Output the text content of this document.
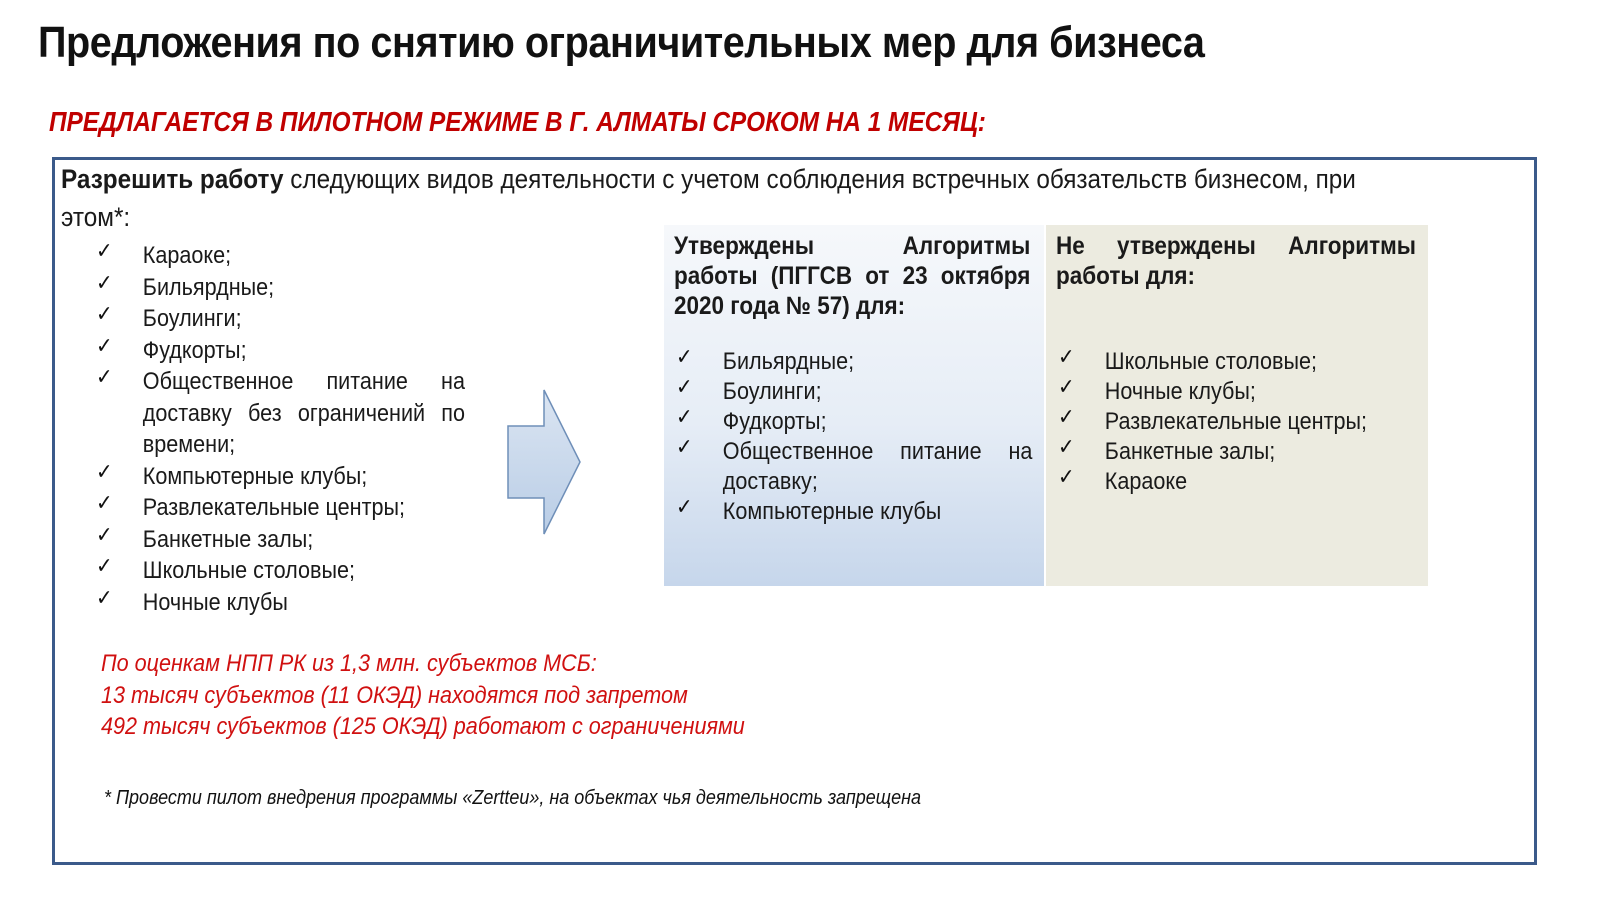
Предложения по снятию ограничительных мер для бизнеса
ПРЕДЛАГАЕТСЯ В ПИЛОТНОМ РЕЖИМЕ В Г. АЛМАТЫ СРОКОМ НА 1 МЕСЯЦ:
Разрешить работу следующих видов деятельности с учетом соблюдения встречных обязательств бизнесом, при этом*:
✓ Караоке;
✓ Бильярдные;
✓ Боулинги;
✓ Фудкорты;
✓ Общественное питание на доставку без ограничений по времени;
✓ Компьютерные клубы;
✓ Развлекательные центры;
✓ Банкетные залы;
✓ Школьные столовые;
✓ Ночные клубы
Утверждены Алгоритмы работы (ПГГСВ от 23 октября 2020 года № 57) для:
✓ Бильярдные;
✓ Боулинги;
✓ Фудкорты;
✓ Общественное питание на доставку;
✓ Компьютерные клубы
Не утверждены Алгоритмы работы для:
✓ Школьные столовые;
✓ Ночные клубы;
✓ Развлекательные центры;
✓ Банкетные залы;
✓ Караоке
По оценкам НПП РК из 1,3 млн. субъектов МСБ:
13 тысяч субъектов (11 ОКЭД) находятся под запретом
492 тысяч субъектов (125 ОКЭД) работают с ограничениями
* Провести пилот внедрения программы «Zertteu», на объектах чья деятельность запрещена
